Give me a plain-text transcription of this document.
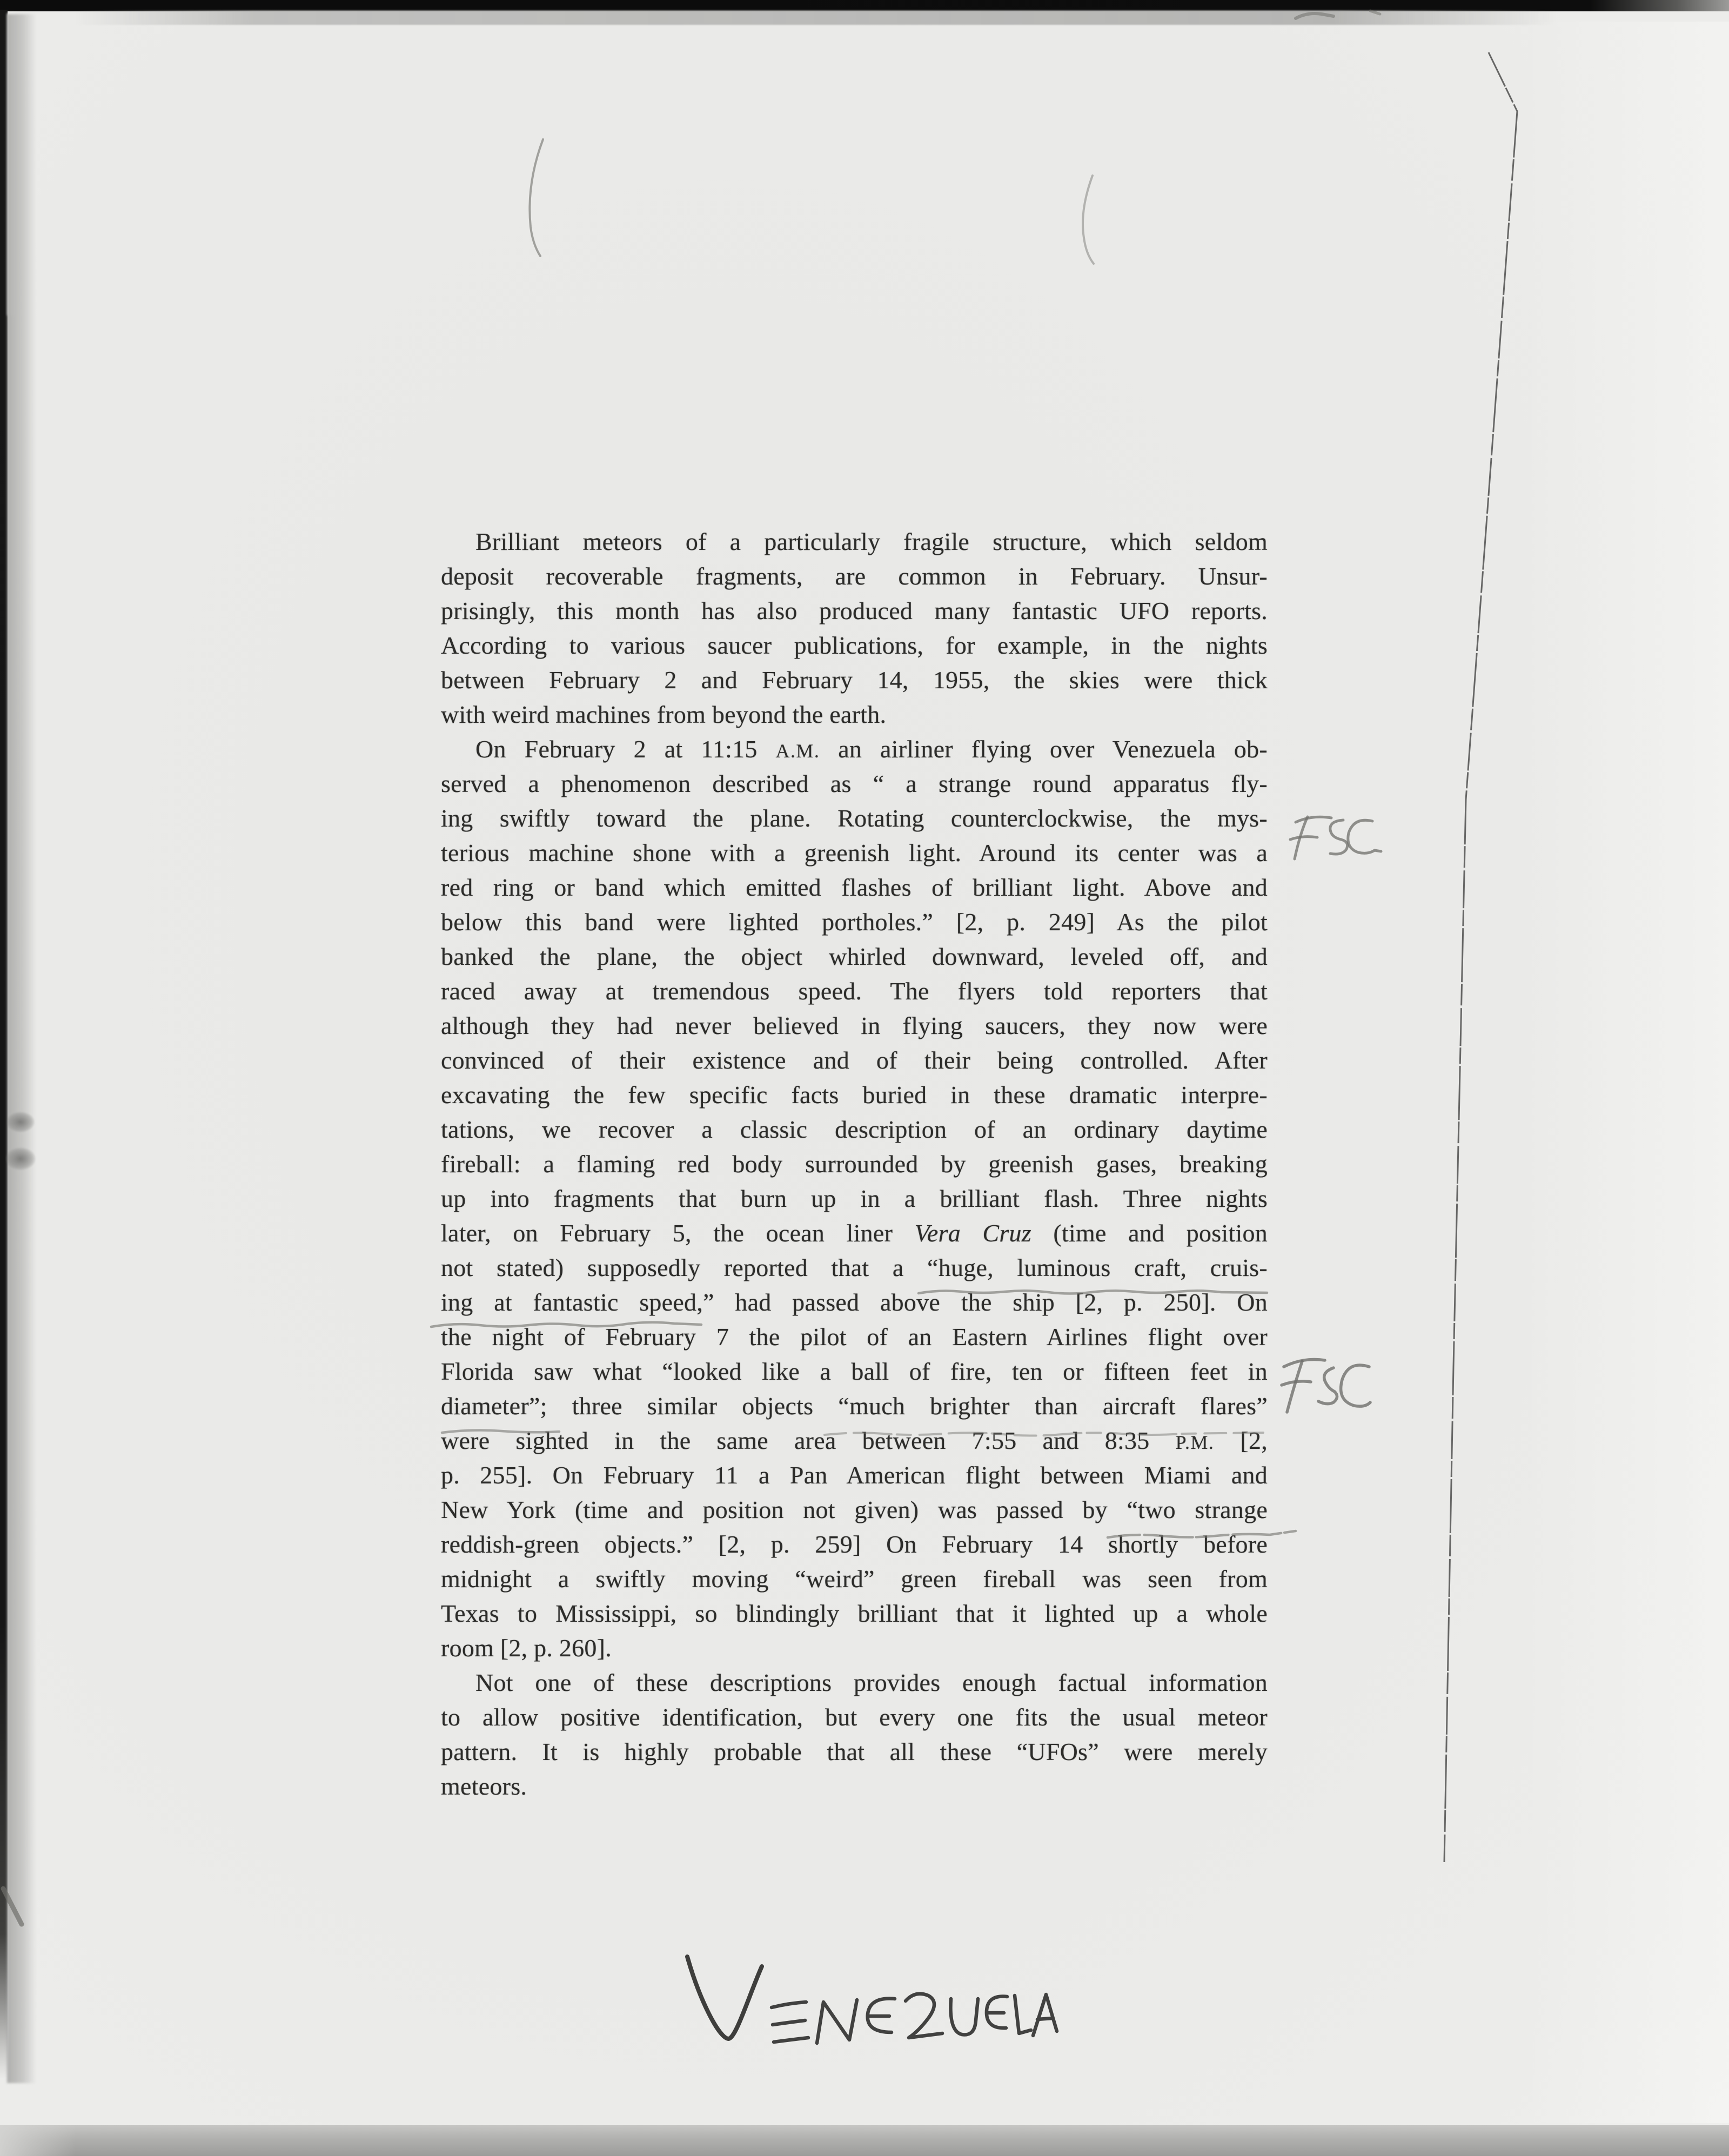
Brilliant meteors of a particularly fragile structure, which seldom
deposit recoverable fragments, are common in February. Unsur-
prisingly, this month has also produced many fantastic UFO reports.
According to various saucer publications, for example, in the nights
between February 2 and February 14, 1955, the skies were thick
with weird machines from beyond the earth.
On February 2 at 11:15 A.M. an airliner flying over Venezuela ob-
served a phenomenon described as “ a strange round apparatus fly-
ing swiftly toward the plane. Rotating counterclockwise, the mys-
terious machine shone with a greenish light. Around its center was a
red ring or band which emitted flashes of brilliant light. Above and
below this band were lighted portholes.” [2, p. 249] As the pilot
banked the plane, the object whirled downward, leveled off, and
raced away at tremendous speed. The flyers told reporters that
although they had never believed in flying saucers, they now were
convinced of their existence and of their being controlled. After
excavating the few specific facts buried in these dramatic interpre-
tations, we recover a classic description of an ordinary daytime
fireball: a flaming red body surrounded by greenish gases, breaking
up into fragments that burn up in a brilliant flash. Three nights
later, on February 5, the ocean liner Vera Cruz (time and position
not stated) supposedly reported that a “huge, luminous craft, cruis-
ing at fantastic speed,” had passed above the ship [2, p. 250]. On
the night of February 7 the pilot of an Eastern Airlines flight over
Florida saw what “looked like a ball of fire, ten or fifteen feet in
diameter”; three similar objects “much brighter than aircraft flares”
were sighted in the same area between 7:55 and 8:35 P.M. [2,
p. 255]. On February 11 a Pan American flight between Miami and
New York (time and position not given) was passed by “two strange
reddish-green objects.” [2, p. 259] On February 14 shortly before
midnight a swiftly moving “weird” green fireball was seen from
Texas to Mississippi, so blindingly brilliant that it lighted up a whole
room [2, p. 260].
Not one of these descriptions provides enough factual information
to allow positive identification, but every one fits the usual meteor
pattern. It is highly probable that all these “UFOs” were merely
meteors.
